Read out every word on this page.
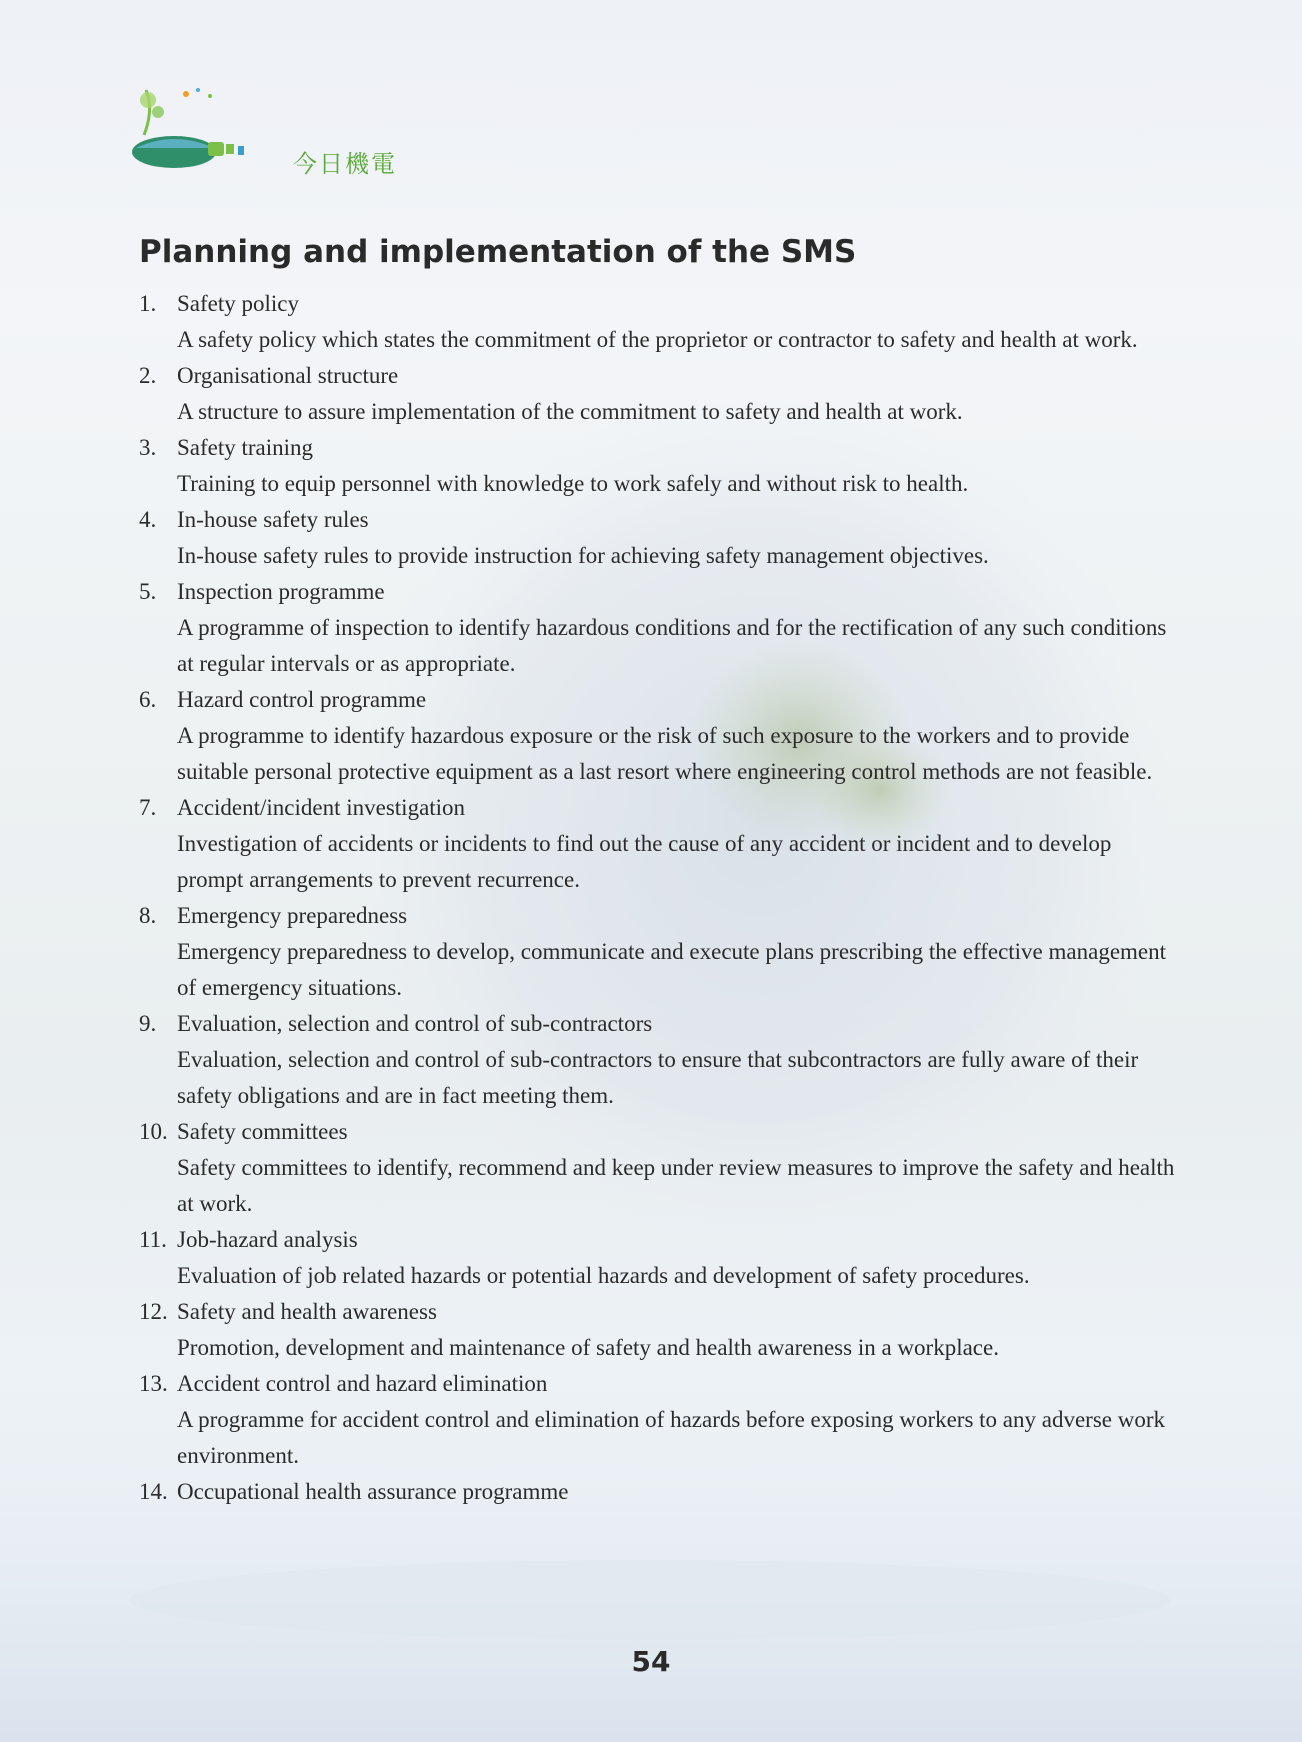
今日機電
Planning and implementation of the SMS
1. Safety policy
A safety policy which states the commitment of the proprietor or contractor to safety and health at work.
2. Organisational structure
A structure to assure implementation of the commitment to safety and health at work.
3. Safety training
Training to equip personnel with knowledge to work safely and without risk to health.
4. In-house safety rules
In-house safety rules to provide instruction for achieving safety management objectives.
5. Inspection programme
A programme of inspection to identify hazardous conditions and for the rectification of any such conditions at regular intervals or as appropriate.
6. Hazard control programme
A programme to identify hazardous exposure or the risk of such exposure to the workers and to provide suitable personal protective equipment as a last resort where engineering control methods are not feasible.
7. Accident/incident investigation
Investigation of accidents or incidents to find out the cause of any accident or incident and to develop prompt arrangements to prevent recurrence.
8. Emergency preparedness
Emergency preparedness to develop, communicate and execute plans prescribing the effective management of emergency situations.
9. Evaluation, selection and control of sub-contractors
Evaluation, selection and control of sub-contractors to ensure that subcontractors are fully aware of their safety obligations and are in fact meeting them.
10. Safety committees
Safety committees to identify, recommend and keep under review measures to improve the safety and health at work.
11. Job-hazard analysis
Evaluation of job related hazards or potential hazards and development of safety procedures.
12. Safety and health awareness
Promotion, development and maintenance of safety and health awareness in a workplace.
13. Accident control and hazard elimination
A programme for accident control and elimination of hazards before exposing workers to any adverse work environment.
14. Occupational health assurance programme
54
